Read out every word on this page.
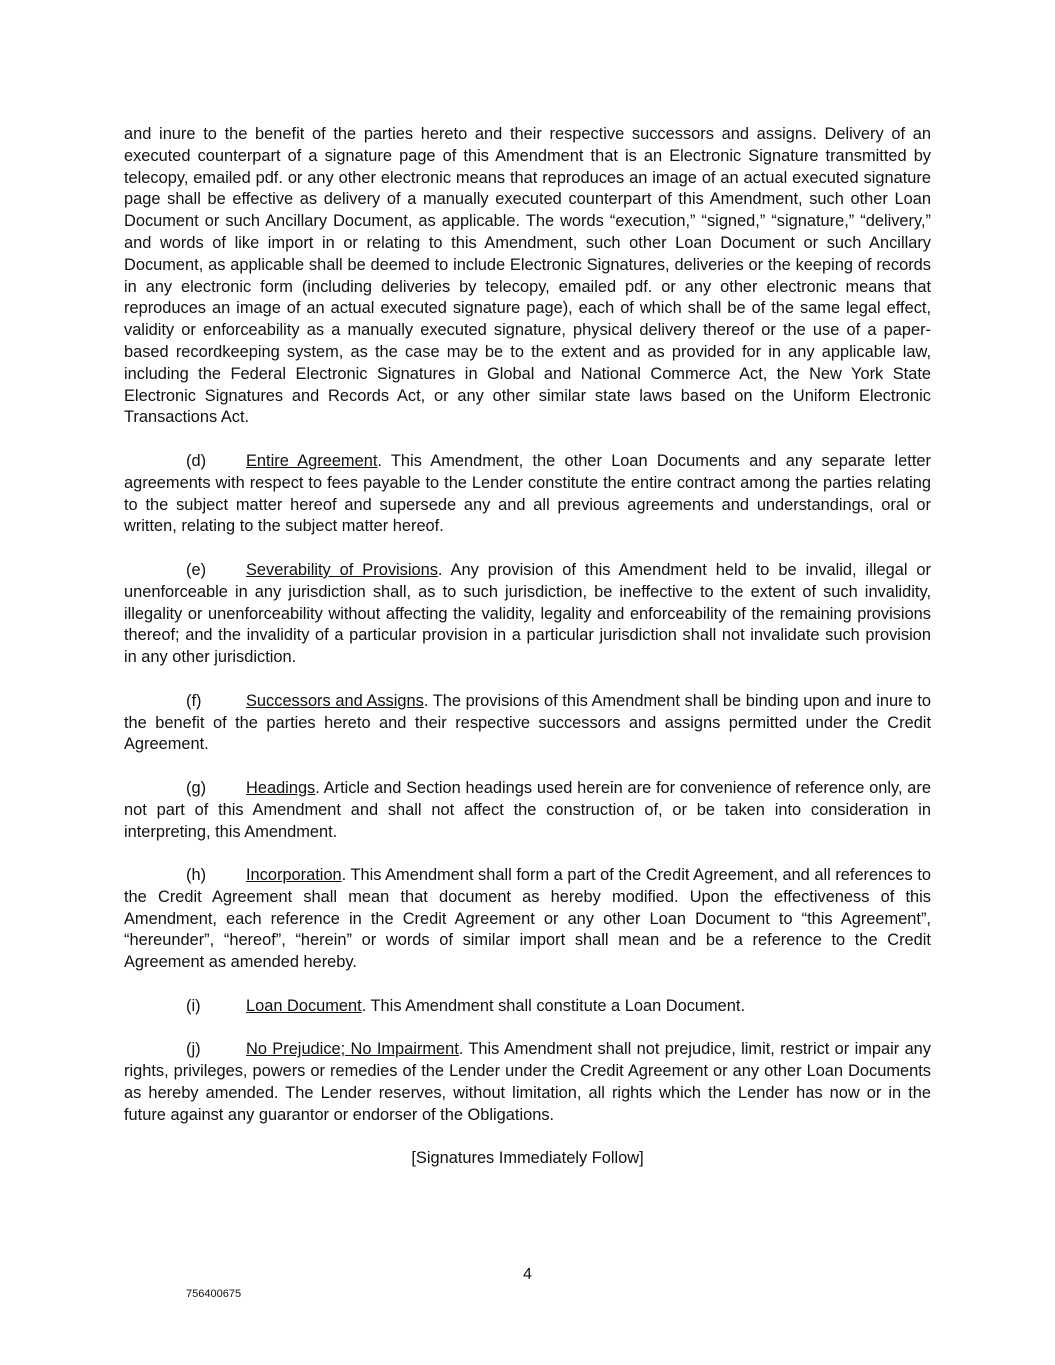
and inure to the benefit of the parties hereto and their respective successors and assigns. Delivery of an executed counterpart of a signature page of this Amendment that is an Electronic Signature transmitted by telecopy, emailed pdf. or any other electronic means that reproduces an image of an actual executed signature page shall be effective as delivery of a manually executed counterpart of this Amendment, such other Loan Document or such Ancillary Document, as applicable. The words “execution,” “signed,” “signature,” “delivery,” and words of like import in or relating to this Amendment, such other Loan Document or such Ancillary Document, as applicable shall be deemed to include Electronic Signatures, deliveries or the keeping of records in any electronic form (including deliveries by telecopy, emailed pdf. or any other electronic means that reproduces an image of an actual executed signature page), each of which shall be of the same legal effect, validity or enforceability as a manually executed signature, physical delivery thereof or the use of a paper-based recordkeeping system, as the case may be to the extent and as provided for in any applicable law, including the Federal Electronic Signatures in Global and National Commerce Act, the New York State Electronic Signatures and Records Act, or any other similar state laws based on the Uniform Electronic Transactions Act.

(d) Entire Agreement. This Amendment, the other Loan Documents and any separate letter agreements with respect to fees payable to the Lender constitute the entire contract among the parties relating to the subject matter hereof and supersede any and all previous agreements and understandings, oral or written, relating to the subject matter hereof.

(e) Severability of Provisions. Any provision of this Amendment held to be invalid, illegal or unenforceable in any jurisdiction shall, as to such jurisdiction, be ineffective to the extent of such invalidity, illegality or unenforceability without affecting the validity, legality and enforceability of the remaining provisions thereof; and the invalidity of a particular provision in a particular jurisdiction shall not invalidate such provision in any other jurisdiction.

(f)	Successors and Assigns. The provisions of this Amendment shall be binding upon and inure to the benefit of the parties hereto and their respective successors and assigns permitted under the Credit Agreement.

(g) Headings. Article and Section headings used herein are for convenience of reference only, are not part of this Amendment and shall not affect the construction of, or be taken into consideration in interpreting, this Amendment.

(h) Incorporation. This Amendment shall form a part of the Credit Agreement, and all references to the Credit Agreement shall mean that document as hereby modified. Upon the effectiveness of this Amendment, each reference in the Credit Agreement or any other Loan Document to “this Agreement”, “hereunder”, “hereof”, “herein” or words of similar import shall mean and be a reference to the Credit Agreement as amended hereby.

(i)	Loan Document. This Amendment shall constitute a Loan Document.

(j)	No Prejudice; No Impairment. This Amendment shall not prejudice, limit, restrict or impair any rights, privileges, powers or remedies of the Lender under the Credit Agreement or any other Loan Documents as hereby amended. The Lender reserves, without limitation, all rights which the Lender has now or in the future against any guarantor or endorser of the Obligations.

[Signatures Immediately Follow]

4
756400675
